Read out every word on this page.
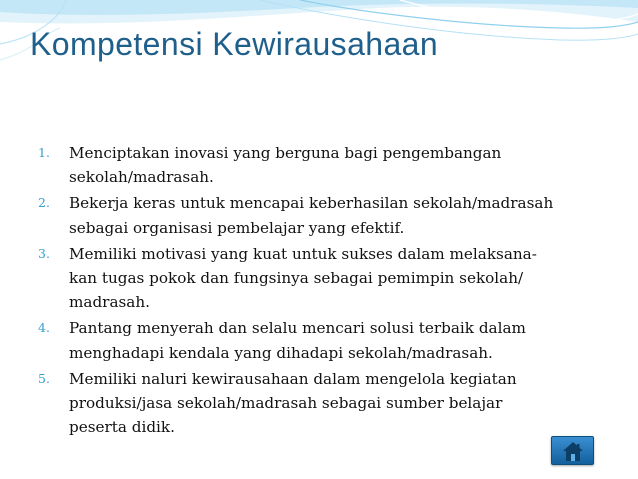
Kompetensi Kewirausahaan
1. Menciptakan inovasi yang berguna bagi pengembangan
sekolah/madrasah.
2. Bekerja keras untuk mencapai keberhasilan sekolah/madrasah
sebagai organisasi pembelajar yang efektif.
3. Memiliki motivasi yang kuat untuk sukses dalam melaksana-
kan tugas pokok dan fungsinya sebagai pemimpin sekolah/
madrasah.
4. Pantang menyerah dan selalu mencari solusi terbaik dalam
menghadapi kendala yang dihadapi sekolah/madrasah.
5. Memiliki naluri kewirausahaan dalam mengelola kegiatan
produksi/jasa sekolah/madrasah sebagai sumber belajar
peserta didik.
